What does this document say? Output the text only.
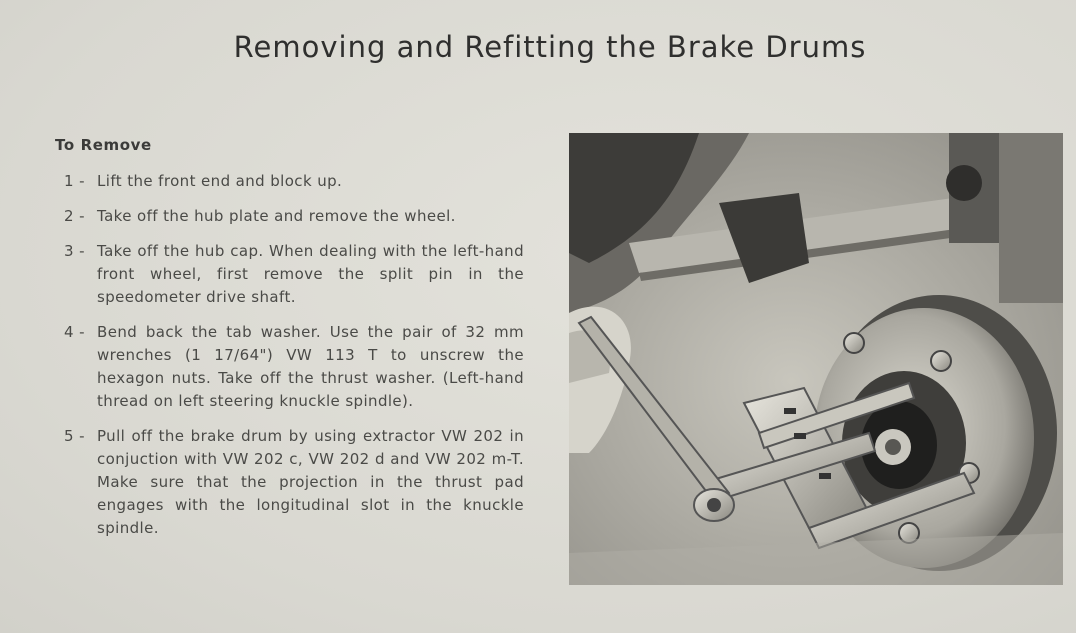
Removing and Refitting the Brake Drums
To Remove
1 - Lift the front end and block up.
2 - Take off the hub plate and remove the wheel.
3 - Take off the hub cap. When dealing with the left-hand front wheel, first remove the split pin in the speedometer drive shaft.
4 - Bend back the tab washer. Use the pair of 32 mm wrenches (1 17/64") VW 113 T to unscrew the hexagon nuts. Take off the thrust washer. (Left-hand thread on left steering knuckle spindle).
5 - Pull off the brake drum by using extractor VW 202 in conjuction with VW 202 c, VW 202 d and VW 202 m-T. Make sure that the projection in the thrust pad engages with the longitudinal slot in the knuckle spindle.
